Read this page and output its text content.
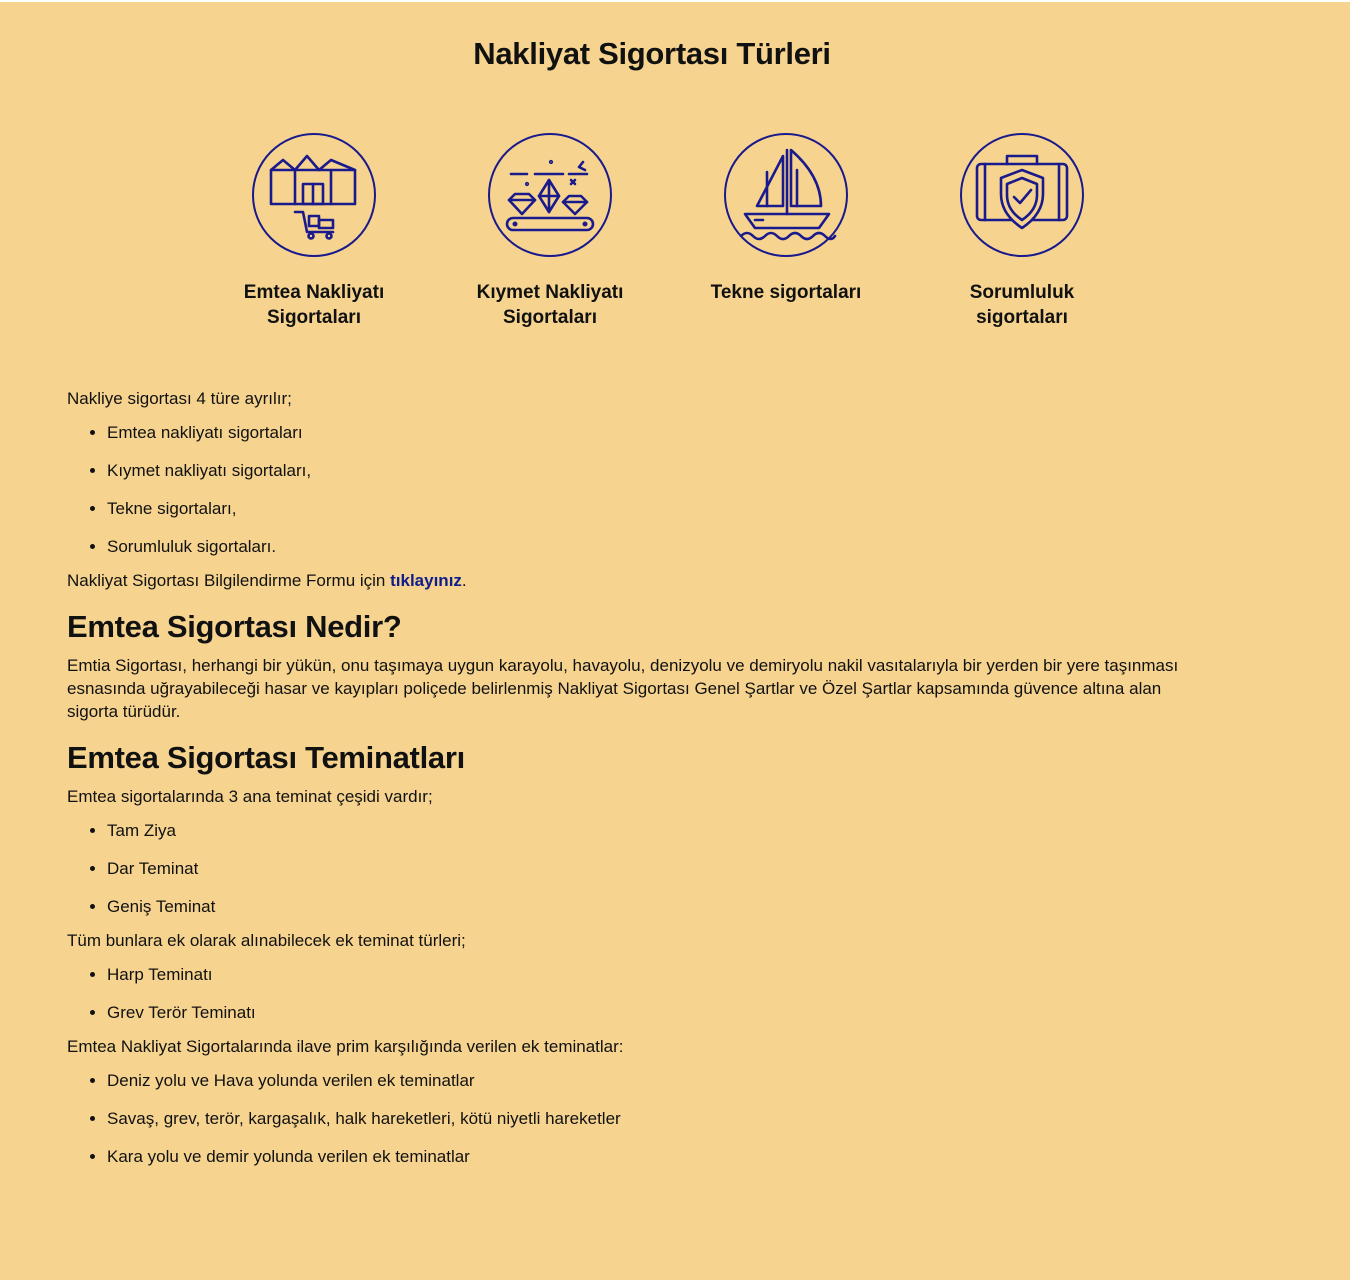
Nakliyat Sigortası Türleri
Emtea Nakliyatı Sigortaları
Kıymet Nakliyatı Sigortaları
Tekne sigortaları	Sorumluluk sigortaları

Nakliye sigortası 4 türe ayrılır;

• Emtea nakliyatı sigortaları
• Kıymet nakliyatı sigortaları,
• Tekne sigortaları,
• Sorumluluk sigortaları.

Nakliyat Sigortası Bilgilendirme Formu için tıklayınız.

Emtea Sigortası Nedir?

Emtia Sigortası, herhangi bir yükün, onu taşımaya uygun karayolu, havayolu, denizyolu ve demiryolu nakil vasıtalarıyla bir yerden bir yere taşınması esnasında uğrayabileceği hasar ve kayıpları poliçede belirlenmiş Nakliyat Sigortası Genel Şartlar ve Özel Şartlar kapsamında güvence altına alan sigorta türüdür.

Emtea Sigortası Teminatları

Emtea sigortalarında 3 ana teminat çeşidi vardır;

• Tam Ziya
• Dar Teminat
• Geniş Teminat

Tüm bunlara ek olarak alınabilecek ek teminat türleri;

• Harp Teminatı
• Grev Terör Teminatı

Emtea Nakliyat Sigortalarında ilave prim karşılığında verilen ek teminatlar:

• Deniz yolu ve Hava yolunda verilen ek teminatlar
• Savaş, grev, terör, kargaşalık, halk hareketleri, kötü niyetli hareketler
• Kara yolu ve demir yolunda verilen ek teminatlar
